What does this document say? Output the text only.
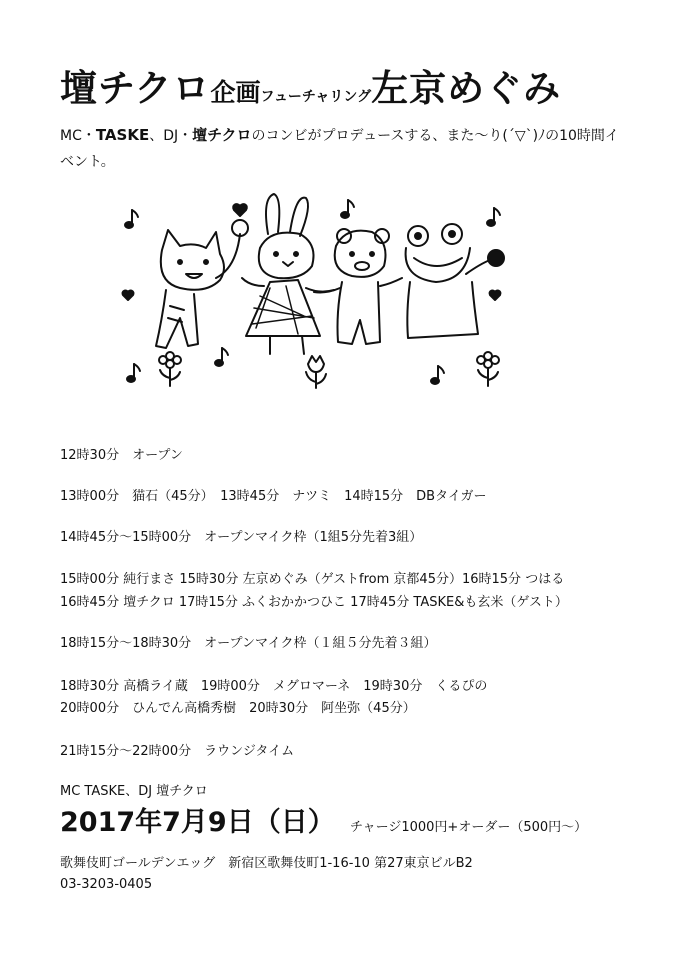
壇チクロ企画フューチャリング左京めぐみ
MC・TASKE、DJ・壇チクロのコンビがプロデュースする、また〜り(´▽`)ﾉの10時間イベント。
12時30分　オープン
13時00分　猫石（45分）　13時45分　ナツミ　14時15分　DBタイガー
14時45分〜15時00分　オープンマイク枠（1組5分先着3組）
15時00分 純行まさ 15時30分 左京めぐみ（ゲストfrom 京都45分）16時15分 つはる
16時45分 壇チクロ 17時15分 ふくおかかつひこ 17時45分 TASKE&も玄米（ゲスト）
18時15分〜18時30分　オープンマイク枠（１組５分先着３組）
18時30分 高橋ライ蔵　19時00分　メグロマーネ　19時30分　くるぴの
20時00分　ひんでん高橋秀樹　20時30分　阿坐弥（45分）
21時15分〜22時00分　ラウンジタイム
MC TASKE、DJ 壇チクロ
2017年7月9日（日） チャージ1000円+オーダー（500円〜）
歌舞伎町ゴールデンエッグ　新宿区歌舞伎町1-16-10 第27東京ビルB2
03-3203-0405
